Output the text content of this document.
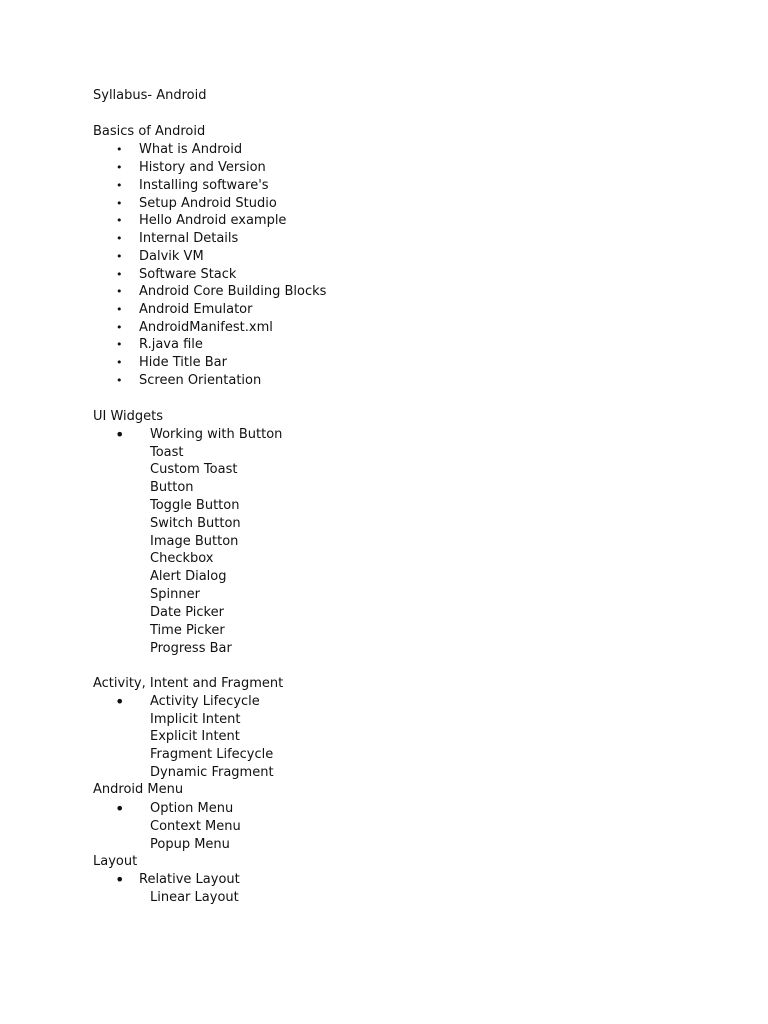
Syllabus- Android
Basics of Android
• What is Android
• History and Version
• Installing software's
• Setup Android Studio
• Hello Android example
• Internal Details
• Dalvik VM
• Software Stack
• Android Core Building Blocks
• Android Emulator
• AndroidManifest.xml
• R.java file
• Hide Title Bar
• Screen Orientation
UI Widgets
• Working with Button
Toast
Custom Toast
Button
Toggle Button
Switch Button
Image Button
Checkbox
Alert Dialog
Spinner
Date Picker
Time Picker
Progress Bar
Activity, Intent and Fragment
• Activity Lifecycle
Implicit Intent
Explicit Intent
Fragment Lifecycle
Dynamic Fragment
Android Menu
• Option Menu
Context Menu
Popup Menu
Layout
• Relative Layout
Linear Layout
